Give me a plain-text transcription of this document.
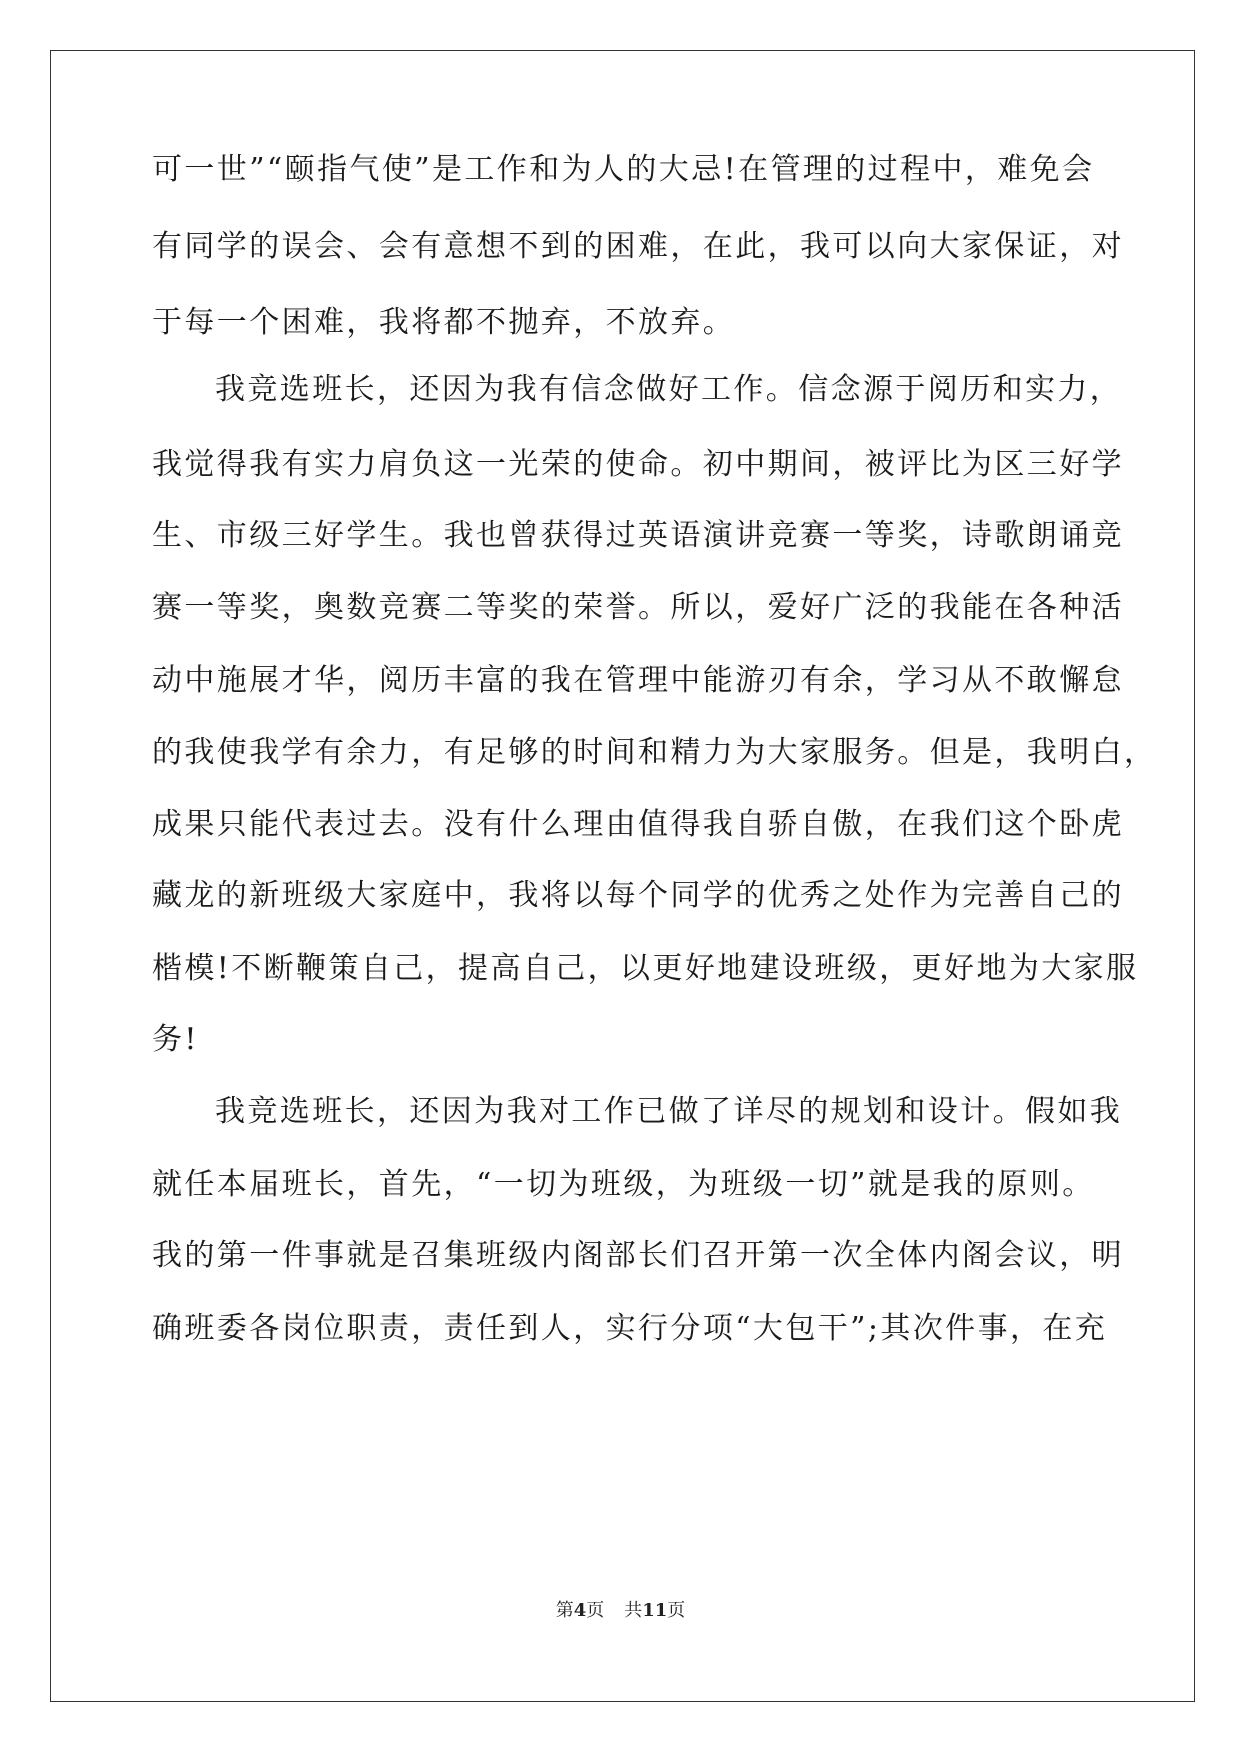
可一世”“颐指气使”是工作和为人的大忌!在管理的过程中，难免会

有同学的误会、会有意想不到的困难，在此，我可以向大家保证，对

于每一个困难，我将都不抛弃，不放弃。

我竞选班长，还因为我有信念做好工作。信念源于阅历和实力，

我觉得我有实力肩负这一光荣的使命。初中期间，被评比为区三好学

生、市级三好学生。我也曾获得过英语演讲竞赛一等奖，诗歌朗诵竞

赛一等奖，奥数竞赛二等奖的荣誉。所以，爱好广泛的我能在各种活

动中施展才华，阅历丰富的我在管理中能游刃有余，学习从不敢懈怠

的我使我学有余力，有足够的时间和精力为大家服务。但是，我明白，

成果只能代表过去。没有什么理由值得我自骄自傲，在我们这个卧虎

藏龙的新班级大家庭中，我将以每个同学的优秀之处作为完善自己的

楷模!不断鞭策自己，提高自己，以更好地建设班级，更好地为大家服

务!

我竞选班长，还因为我对工作已做了详尽的规划和设计。假如我

就任本届班长，首先，“一切为班级，为班级一切”就是我的原则。

我的第一件事就是召集班级内阁部长们召开第一次全体内阁会议，明

确班委各岗位职责，责任到人，实行分项“大包干”;其次件事，在充

第4页 共11页
